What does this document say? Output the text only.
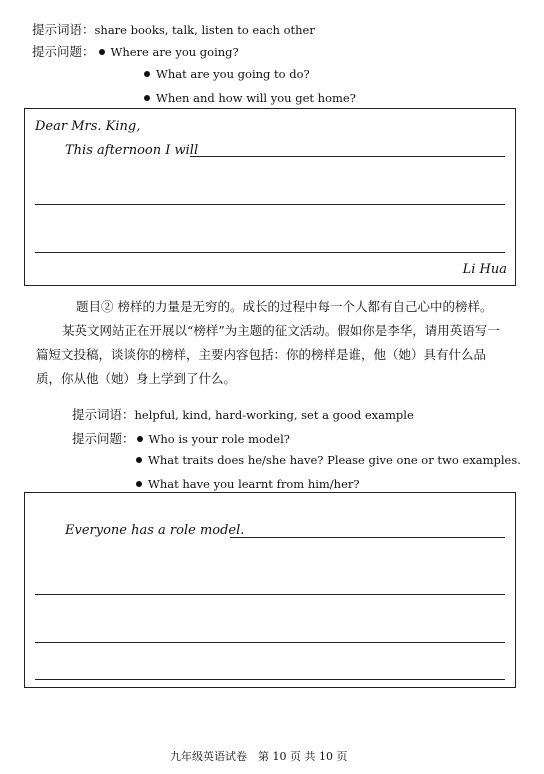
提示词语：share books, talk, listen to each other
提示问题： Where are you going?
What are you going to do?
When and how will you get home?
Dear Mrs. King,
This afternoon I will
Li Hua
题目② 榜样的力量是无穷的。成长的过程中每一个人都有自己心中的榜样。
某英文网站正在开展以“榜样”为主题的征文活动。假如你是李华，请用英语写一
篇短文投稿，谈谈你的榜样，主要内容包括：你的榜样是谁，他（她）具有什么品
质，你从他（她）身上学到了什么。
提示词语：helpful, kind, hard-working, set a good example
提示问题： Who is your role model?
What traits does he/she have? Please give one or two examples.
What have you learnt from him/her?
Everyone has a role model.
九年级英语试卷　第 10 页 共 10 页
